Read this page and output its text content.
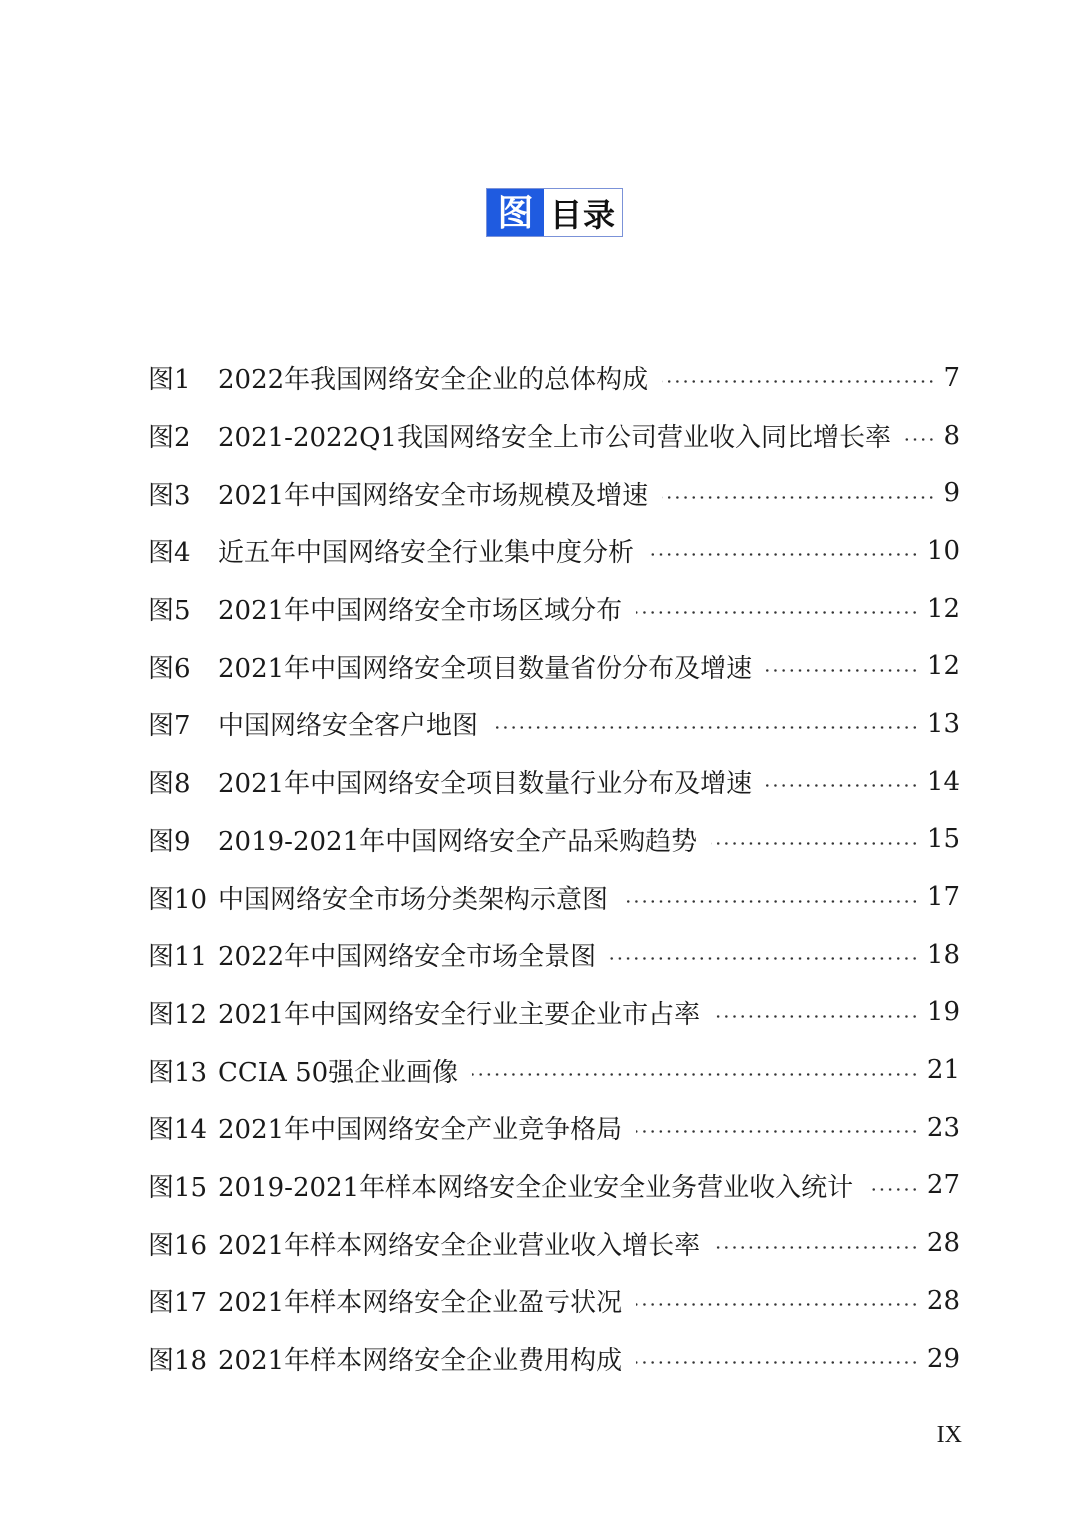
图 目录
图1	2022年我国网络安全企业的总体构成	7
图2	2021-2022Q1我国网络安全上市公司营业收入同比增长率 8
图3	2021年中国网络安全市场规模及增速	9
图4	近五年中国网络安全行业集中度分析	10
图5	2021年中国网络安全市场区域分布	12
图6	2021年中国网络安全项目数量省份分布及增速	12
图7	中国网络安全客户地图	13
图8	2021年中国网络安全项目数量行业分布及增速	14
图9	2019-2021年中国网络安全产品采购趋势	15
图10 中国网络安全市场分类架构示意图	17
图11 2022年中国网络安全市场全景图	18
图12 2021年中国网络安全行业主要企业市占率	19
图13 CCIA 50强企业画像	21
图14 2021年中国网络安全产业竞争格局	23
图15 2019-2021年样本网络安全企业安全业务营业收入统计	27
图16 2021年样本网络安全企业营业收入增长率	28
图17 2021年样本网络安全企业盈亏状况	28
图18 2021年样本网络安全企业费用构成	29
IX
